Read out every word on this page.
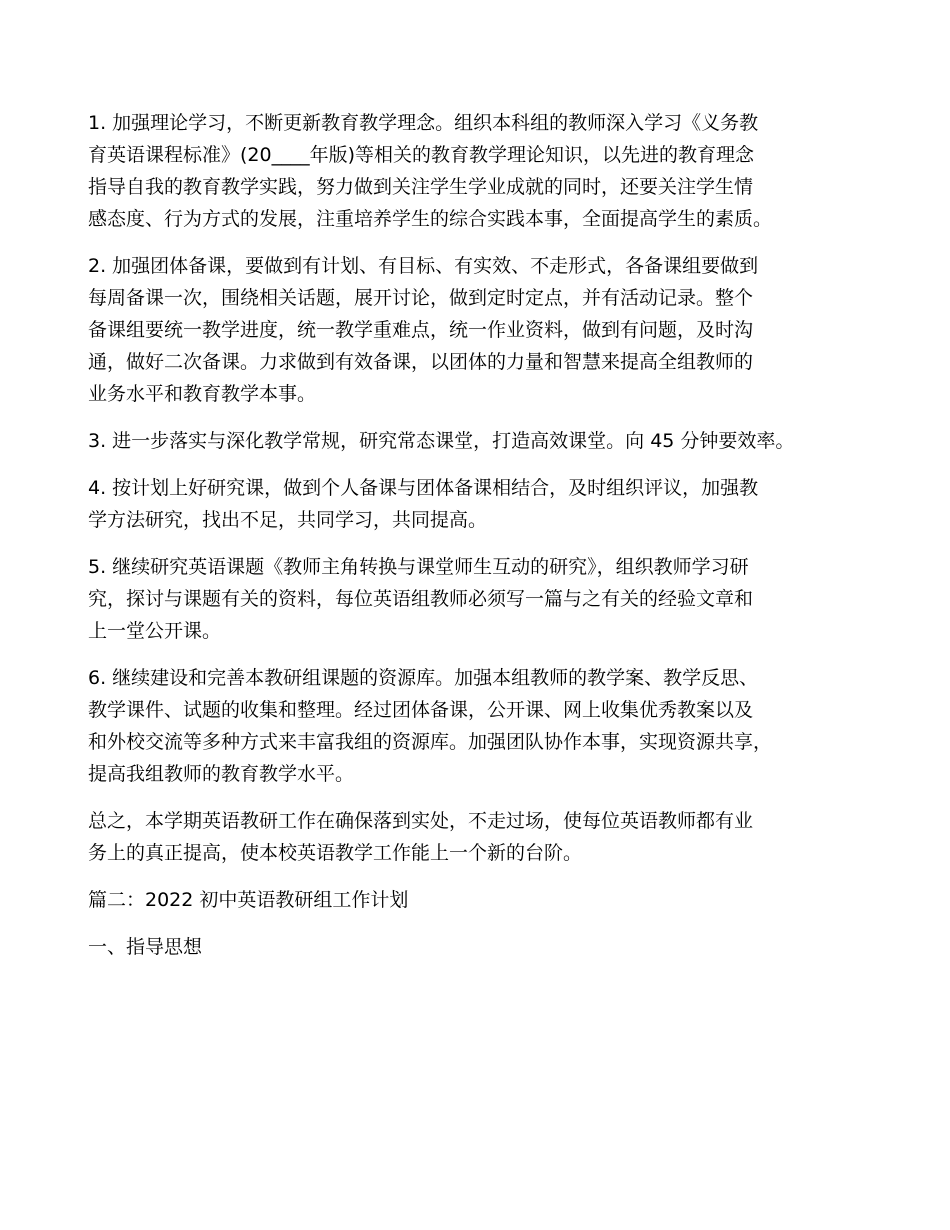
1. 加强理论学习，不断更新教育教学理念。组织本科组的教师深入学习《义务教
育英语课程标准》(20____年版)等相关的教育教学理论知识，以先进的教育理念
指导自我的教育教学实践，努力做到关注学生学业成就的同时，还要关注学生情
感态度、行为方式的发展，注重培养学生的综合实践本事，全面提高学生的素质。

2. 加强团体备课，要做到有计划、有目标、有实效、不走形式，各备课组要做到
每周备课一次，围绕相关话题，展开讨论，做到定时定点，并有活动记录。整个
备课组要统一教学进度，统一教学重难点，统一作业资料，做到有问题，及时沟
通，做好二次备课。力求做到有效备课，以团体的力量和智慧来提高全组教师的
业务水平和教育教学本事。

3. 进一步落实与深化教学常规，研究常态课堂，打造高效课堂。向 45 分钟要效率。

4. 按计划上好研究课，做到个人备课与团体备课相结合，及时组织评议，加强教
学方法研究，找出不足，共同学习，共同提高。

5. 继续研究英语课题《教师主角转换与课堂师生互动的研究》，组织教师学习研
究，探讨与课题有关的资料，每位英语组教师必须写一篇与之有关的经验文章和
上一堂公开课。

6. 继续建设和完善本教研组课题的资源库。加强本组教师的教学案、教学反思、
教学课件、试题的收集和整理。经过团体备课，公开课、网上收集优秀教案以及
和外校交流等多种方式来丰富我组的资源库。加强团队协作本事，实现资源共享，
提高我组教师的教育教学水平。

总之，本学期英语教研工作在确保落到实处，不走过场，使每位英语教师都有业
务上的真正提高，使本校英语教学工作能上一个新的台阶。

篇二：2022 初中英语教研组工作计划

一、指导思想
